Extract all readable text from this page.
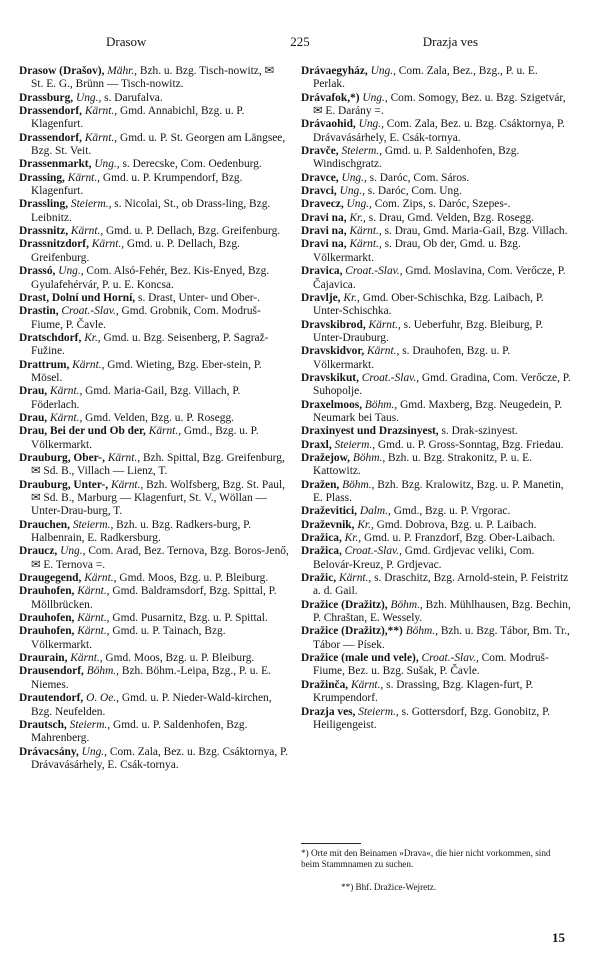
Drasow	225	Drazja ves

Drasow (Drašov), Mähr., Bzh. u. Bzg. Tisch-nowitz, ✉ St. E. G., Brünn — Tisch-nowitz.

Drassburg, Ung., s. Darufalva.

Drassendorf, Kärnt., Gmd. Annabichl, Bzg. u. P. Klagenfurt.

Drassendorf, Kärnt., Gmd. u. P. St. Georgen am Längsee, Bzg. St. Veit.

Drassenmarkt, Ung., s. Derecske, Com. Oedenburg.

Drassing, Kärnt., Gmd. u. P. Krumpendorf, Bzg. Klagenfurt.

Drassling, Steierm., s. Nicolai, St., ob Drass-ling, Bzg. Leibnitz.

Drassnitz, Kärnt., Gmd. u. P. Dellach, Bzg. Greifenburg.

Drassnitzdorf, Kärnt., Gmd. u. P. Dellach, Bzg. Greifenburg.

Drassó, Ung., Com. Alsó-Fehér, Bez. Kis-Enyed, Bzg. Gyulafehérvár, P. u. E. Koncsa.

Drast, Dolní und Horní, s. Drast, Unter- und Ober-.

Drastin, Croat.-Slav., Gmd. Grobnik, Com. Modruš-Fiume, P. Čavle.

Dratschdorf, Kr., Gmd. u. Bzg. Seisenberg, P. Sagraž-Fužine.

Drattrum, Kärnt., Gmd. Wieting, Bzg. Eber-stein, P. Mösel.

Drau, Kärnt., Gmd. Maria-Gail, Bzg. Villach, P. Föderlach.

Drau, Kärnt., Gmd. Velden, Bzg. u. P. Rosegg.

Drau, Bei der und Ob der, Kärnt., Gmd., Bzg. u. P. Völkermarkt.

Drauburg, Ober-, Kärnt., Bzh. Spittal, Bzg. Greifenburg, ✉ Sd. B., Villach — Lienz, T.

Drauburg, Unter-, Kärnt., Bzh. Wolfsberg, Bzg. St. Paul, ✉ Sd. B., Marburg — Klagenfurt, St. V., Wöllan — Unter-Drau-burg, T.

Drauchen, Steierm., Bzh. u. Bzg. Radkers-burg, P. Halbenrain, E. Radkersburg.

Draucz, Ung., Com. Arad, Bez. Ternova, Bzg. Boros-Jenő, ✉ E. Ternova =.

Draugegend, Kärnt., Gmd. Moos, Bzg. u. P. Bleiburg.

Drauhofen, Kärnt., Gmd. Baldramsdorf, Bzg. Spittal, P. Möllbrücken.

Drauhofen, Kärnt., Gmd. Pusarnitz, Bzg. u. P. Spittal.

Drauhofen, Kärnt., Gmd. u. P. Tainach, Bzg. Völkermarkt.

Draurain, Kärnt., Gmd. Moos, Bzg. u. P. Bleiburg.

Drausendorf, Böhm., Bzh. Böhm.-Leipa, Bzg., P. u. E. Niemes.

Drautendorf, O. Oe., Gmd. u. P. Nieder-Wald-kirchen, Bzg. Neufelden.

Drautsch, Steierm., Gmd. u. P. Saldenhofen, Bzg. Mahrenberg.

Drávacsány, Ung., Com. Zala, Bez. u. Bzg. Csáktornya, P. Drávavásárhely, E. Csák-tornya.

Drávaegyház, Ung., Com. Zala, Bez., Bzg., P. u. E. Perlak.

Drávafok,*) Ung., Com. Somogy, Bez. u. Bzg. Szigetvár, ✉ E. Darány =.

Drávaohid, Ung., Com. Zala, Bez. u. Bzg. Csáktornya, P. Drávavásárhely, E. Csák-tornya.

Dravče, Steierm., Gmd. u. P. Saldenhofen, Bzg. Windischgratz.

Dravce, Ung., s. Daróc, Com. Sáros.

Dravci, Ung., s. Daróc, Com. Ung.

Dravecz, Ung., Com. Zips, s. Daróc, Szepes-.

Dravi na, Kr., s. Drau, Gmd. Velden, Bzg. Rosegg.

Dravi na, Kärnt., s. Drau, Gmd. Maria-Gail, Bzg. Villach.

Dravi na, Kärnt., s. Drau, Ob der, Gmd. u. Bzg. Völkermarkt.

Dravica, Croat.-Slav., Gmd. Moslavina, Com. Verőcze, P. Čajavica.

Dravlje, Kr., Gmd. Ober-Schischka, Bzg. Laibach, P. Unter-Schischka.

Dravskibrod, Kärnt., s. Ueberfuhr, Bzg. Bleiburg, P. Unter-Drauburg.

Dravskidvor, Kärnt., s. Drauhofen, Bzg. u. P. Völkermarkt.

Dravskikut, Croat.-Slav., Gmd. Gradina, Com. Verőcze, P. Suhopolje.

Draxelmoos, Böhm., Gmd. Maxberg, Bzg. Neugedein, P. Neumark bei Taus.

Draxinyest und Drazsinyest, s. Drak-szinyest.

Draxl, Steierm., Gmd. u. P. Gross-Sonntag, Bzg. Friedau.

Dražejow, Böhm., Bzh. u. Bzg. Strakonitz, P. u. E. Kattowitz.

Dražen, Böhm., Bzh. Bzg. Kralowitz, Bzg. u. P. Manetin, E. Plass.

Draževitici, Dalm., Gmd., Bzg. u. P. Vrgorac.

Draževnik, Kr., Gmd. Dobrova, Bzg. u. P. Laibach.

Dražica, Kr., Gmd. u. P. Franzdorf, Bzg. Ober-Laibach.

Dražica, Croat.-Slav., Gmd. Grdjevac veliki, Com. Belovár-Kreuz, P. Grdjevac.

Dražic, Kärnt., s. Draschitz, Bzg. Arnold-stein, P. Feistritz a. d. Gail.

Dražice (Dražitz), Böhm., Bzh. Mühlhausen, Bzg. Bechin, P. Chraštan, E. Wessely.

Dražice (Dražitz),**) Böhm., Bzh. u. Bzg. Tábor, Bm. Tr., Tábor — Písek.

Dražice (male und vele), Croat.-Slav., Com. Modruš-Fiume, Bez. u. Bzg. Sušak, P. Čavle.

Dražinča, Kärnt., s. Drassing, Bzg. Klagen-furt, P. Krumpendorf.

Drazja ves, Steierm., s. Gottersdorf, Bzg. Gonobitz, P. Heiligengeist.

*) Orte mit den Beinamen »Drava«, die hier nicht vorkommen, sind beim Stammnamen zu suchen.
**) Bhf. Dražice-Wejretz.
15
